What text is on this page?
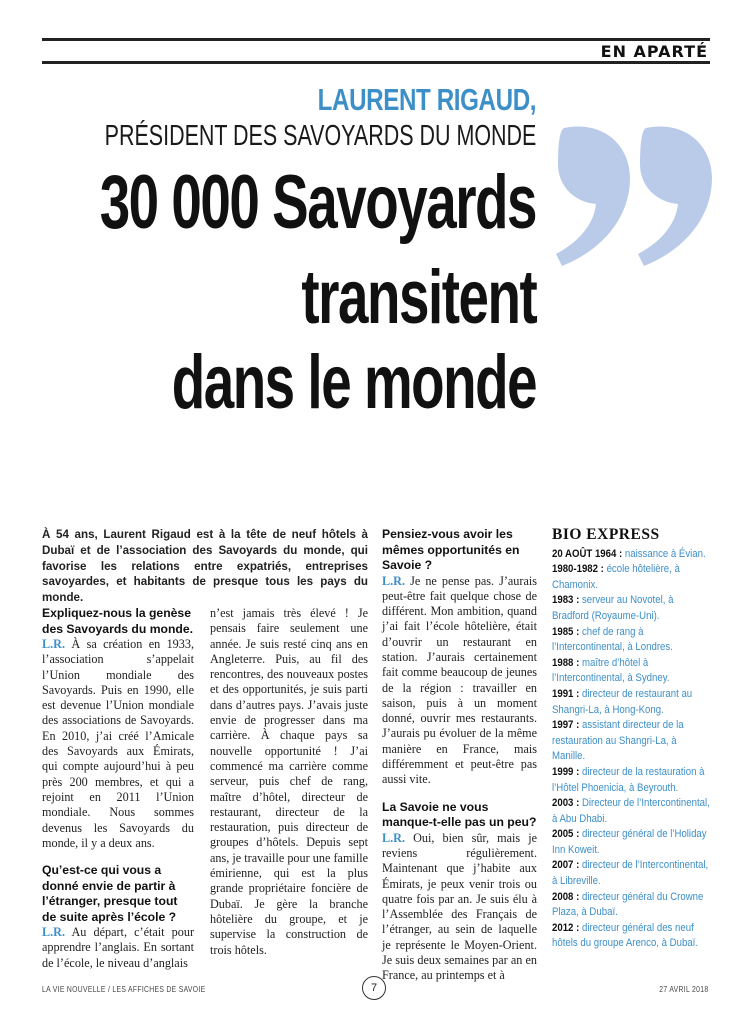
EN APARTÉ
LAURENT RIGAUD,
PRÉSIDENT DES SAVOYARDS DU MONDE
30 000 Savoyards
transitent
dans le monde

À 54 ans, Laurent Rigaud est à la tête de neuf hôtels à Dubaï et de l’association des Savoyards du monde, qui favorise les relations entre expatriés, entreprises savoyardes, et habitants de presque tous les pays du monde.

Expliquez-nous la genèse des Savoyards du monde.

L.R. À sa création en 1933, l’association s’appelait l’Union mondiale des Savoyards. Puis en 1990, elle est devenue l’Union mondiale des associations de Savoyards. En 2010, j’ai créé l’Amicale des Savoyards aux Émirats, qui compte aujourd’hui à peu près 200 membres, et qui a rejoint en 2011 l’Union mondiale. Nous sommes devenus les Savoyards du monde, il y a deux ans.

Qu’est-ce qui vous a donné envie de partir à l’étranger, presque tout de suite après l’école ?

L.R. Au départ, c’était pour apprendre l’anglais. En sortant de l’école, le niveau d’anglais

n’est jamais très élevé ! Je pensais faire seulement une année. Je suis resté cinq ans en Angleterre. Puis, au fil des rencontres, des nouveaux postes et des opportunités, je suis parti dans d’autres pays. J’avais juste envie de progresser dans ma carrière. À chaque pays sa nouvelle opportunité ! J’ai commencé ma carrière comme serveur, puis chef de rang, maître d’hôtel, directeur de restaurant, directeur de la restauration, puis directeur de groupes d’hôtels. Depuis sept ans, je travaille pour une famille émirienne, qui est la plus grande propriétaire foncière de Dubaï. Je gère la branche hôtelière du groupe, et je supervise la construction de trois hôtels.

Pensiez-vous avoir les mêmes opportunités en Savoie ?

L.R. Je ne pense pas. J’aurais peut-être fait quelque chose de différent. Mon ambition, quand j’ai fait l’école hôtelière, était d’ouvrir un restaurant en station. J’aurais certainement fait comme beaucoup de jeunes de la région : travailler en saison, puis à un moment donné, ouvrir mes restaurants. J’aurais pu évoluer de la même manière en France, mais différemment et peut-être pas aussi vite.

La Savoie ne vous manque-t-elle pas un peu?

L.R. Oui, bien sûr, mais je reviens régulièrement. Maintenant que j’habite aux Émirats, je peux venir trois ou quatre fois par an. Je suis élu à l’Assemblée des Français de l’étranger, au sein de laquelle je représente le Moyen-Orient. Je suis deux semaines par an en France, au printemps et à

BIO EXPRESS
20 AOÛT 1964 : naissance à Évian.
1980-1982 : école hôtelière, à Chamonix.
1983 : serveur au Novotel, à Bradford (Royaume-Uni).
1985 : chef de rang à l’Intercontinental, à Londres.
1988 : maître d’hôtel à l’Intercontinental, à Sydney.
1991 : directeur de restaurant au Shangri-La, à Hong-Kong.
1997 : assistant directeur de la restauration au Shangri-La, à Manille.
1999 : directeur de la restauration à l’Hôtel Phoenicia, à Beyrouth.
2003 : Directeur de l’Intercontinental, à Abu Dhabi.
2005 : directeur général de l’Holiday Inn Koweit.
2007 : directeur de l’Intercontinental, à Libreville.
2008 : directeur général du Crowne Plaza, à Dubaï.
2012 : directeur général des neuf hôtels du groupe Arenco, à Dubaï.
LA VIE NOUVELLE / LES AFFICHES DE SAVOIE	7	27 AVRIL 2018
